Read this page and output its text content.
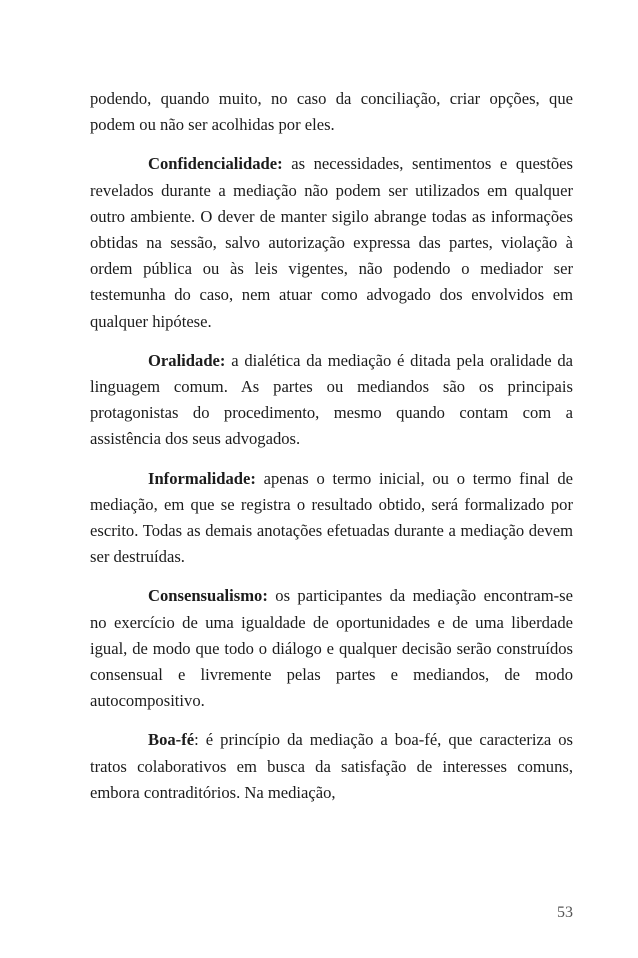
podendo, quando muito, no caso da conciliação, criar opções, que podem ou não ser acolhidas por eles.

Confidencialidade: as necessidades, sentimentos e questões revelados durante a mediação não podem ser utilizados em qualquer outro ambiente. O dever de manter sigilo abrange todas as informações obtidas na sessão, salvo autorização expressa das partes, violação à ordem pública ou às leis vigentes, não podendo o mediador ser testemunha do caso, nem atuar como advogado dos envolvidos em qualquer hipótese.

Oralidade: a dialética da mediação é ditada pela oralidade da linguagem comum. As partes ou mediandos são os principais protagonistas do procedimento, mesmo quando contam com a assistência dos seus advogados.

Informalidade: apenas o termo inicial, ou o termo final de mediação, em que se registra o resultado obtido, será formalizado por escrito. Todas as demais anotações efetuadas durante a mediação devem ser destruídas.

Consensualismo: os participantes da mediação encontram-se no exercício de uma igualdade de oportunidades e de uma liberdade igual, de modo que todo o diálogo e qualquer decisão serão construídos consensual e livremente pelas partes e mediandos, de modo autocompositivo.

Boa-fé: é princípio da mediação a boa-fé, que caracteriza os tratos colaborativos em busca da satisfação de interesses comuns, embora contraditórios. Na mediação,

53
